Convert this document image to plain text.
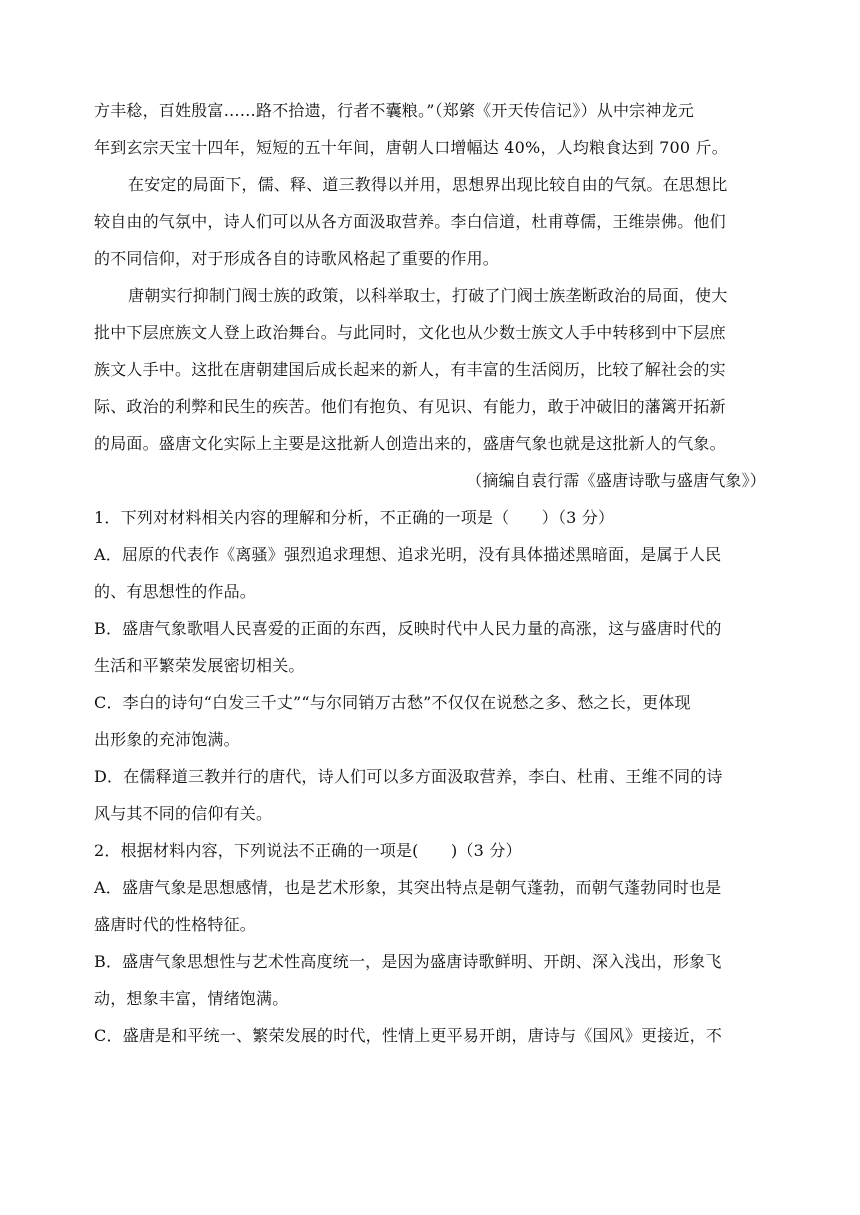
方丰稔，百姓殷富……路不拾遗，行者不囊粮。”（郑綮《开天传信记》）从中宗神龙元
年到玄宗天宝十四年，短短的五十年间，唐朝人口增幅达 40%，人均粮食达到 700 斤。
在安定的局面下，儒、释、道三教得以并用，思想界出现比较自由的气氛。在思想比
较自由的气氛中，诗人们可以从各方面汲取营养。李白信道，杜甫尊儒，王维崇佛。他们
的不同信仰，对于形成各自的诗歌风格起了重要的作用。
唐朝实行抑制门阀士族的政策，以科举取士，打破了门阀士族垄断政治的局面，使大
批中下层庶族文人登上政治舞台。与此同时，文化也从少数士族文人手中转移到中下层庶
族文人手中。这批在唐朝建国后成长起来的新人，有丰富的生活阅历，比较了解社会的实
际、政治的利弊和民生的疾苦。他们有抱负、有见识、有能力，敢于冲破旧的藩篱开拓新
的局面。盛唐文化实际上主要是这批新人创造出来的，盛唐气象也就是这批新人的气象。
（摘编自袁行霈《盛唐诗歌与盛唐气象》）
1．下列对材料相关内容的理解和分析，不正确的一项是（　　）（3 分）
A．屈原的代表作《离骚》强烈追求理想、追求光明，没有具体描述黑暗面，是属于人民
的、有思想性的作品。
B．盛唐气象歌唱人民喜爱的正面的东西，反映时代中人民力量的高涨，这与盛唐时代的
生活和平繁荣发展密切相关。
C．李白的诗句“白发三千丈”“与尔同销万古愁”不仅仅在说愁之多、愁之长，更体现
出形象的充沛饱满。
D．在儒释道三教并行的唐代，诗人们可以多方面汲取营养，李白、杜甫、王维不同的诗
风与其不同的信仰有关。
2．根据材料内容，下列说法不正确的一项是(　　)（3 分）
A．盛唐气象是思想感情，也是艺术形象，其突出特点是朝气蓬勃，而朝气蓬勃同时也是
盛唐时代的性格特征。
B．盛唐气象思想性与艺术性高度统一，是因为盛唐诗歌鲜明、开朗、深入浅出，形象飞
动，想象丰富，情绪饱满。
C．盛唐是和平统一、繁荣发展的时代，性情上更平易开朗，唐诗与《国风》更接近，不
